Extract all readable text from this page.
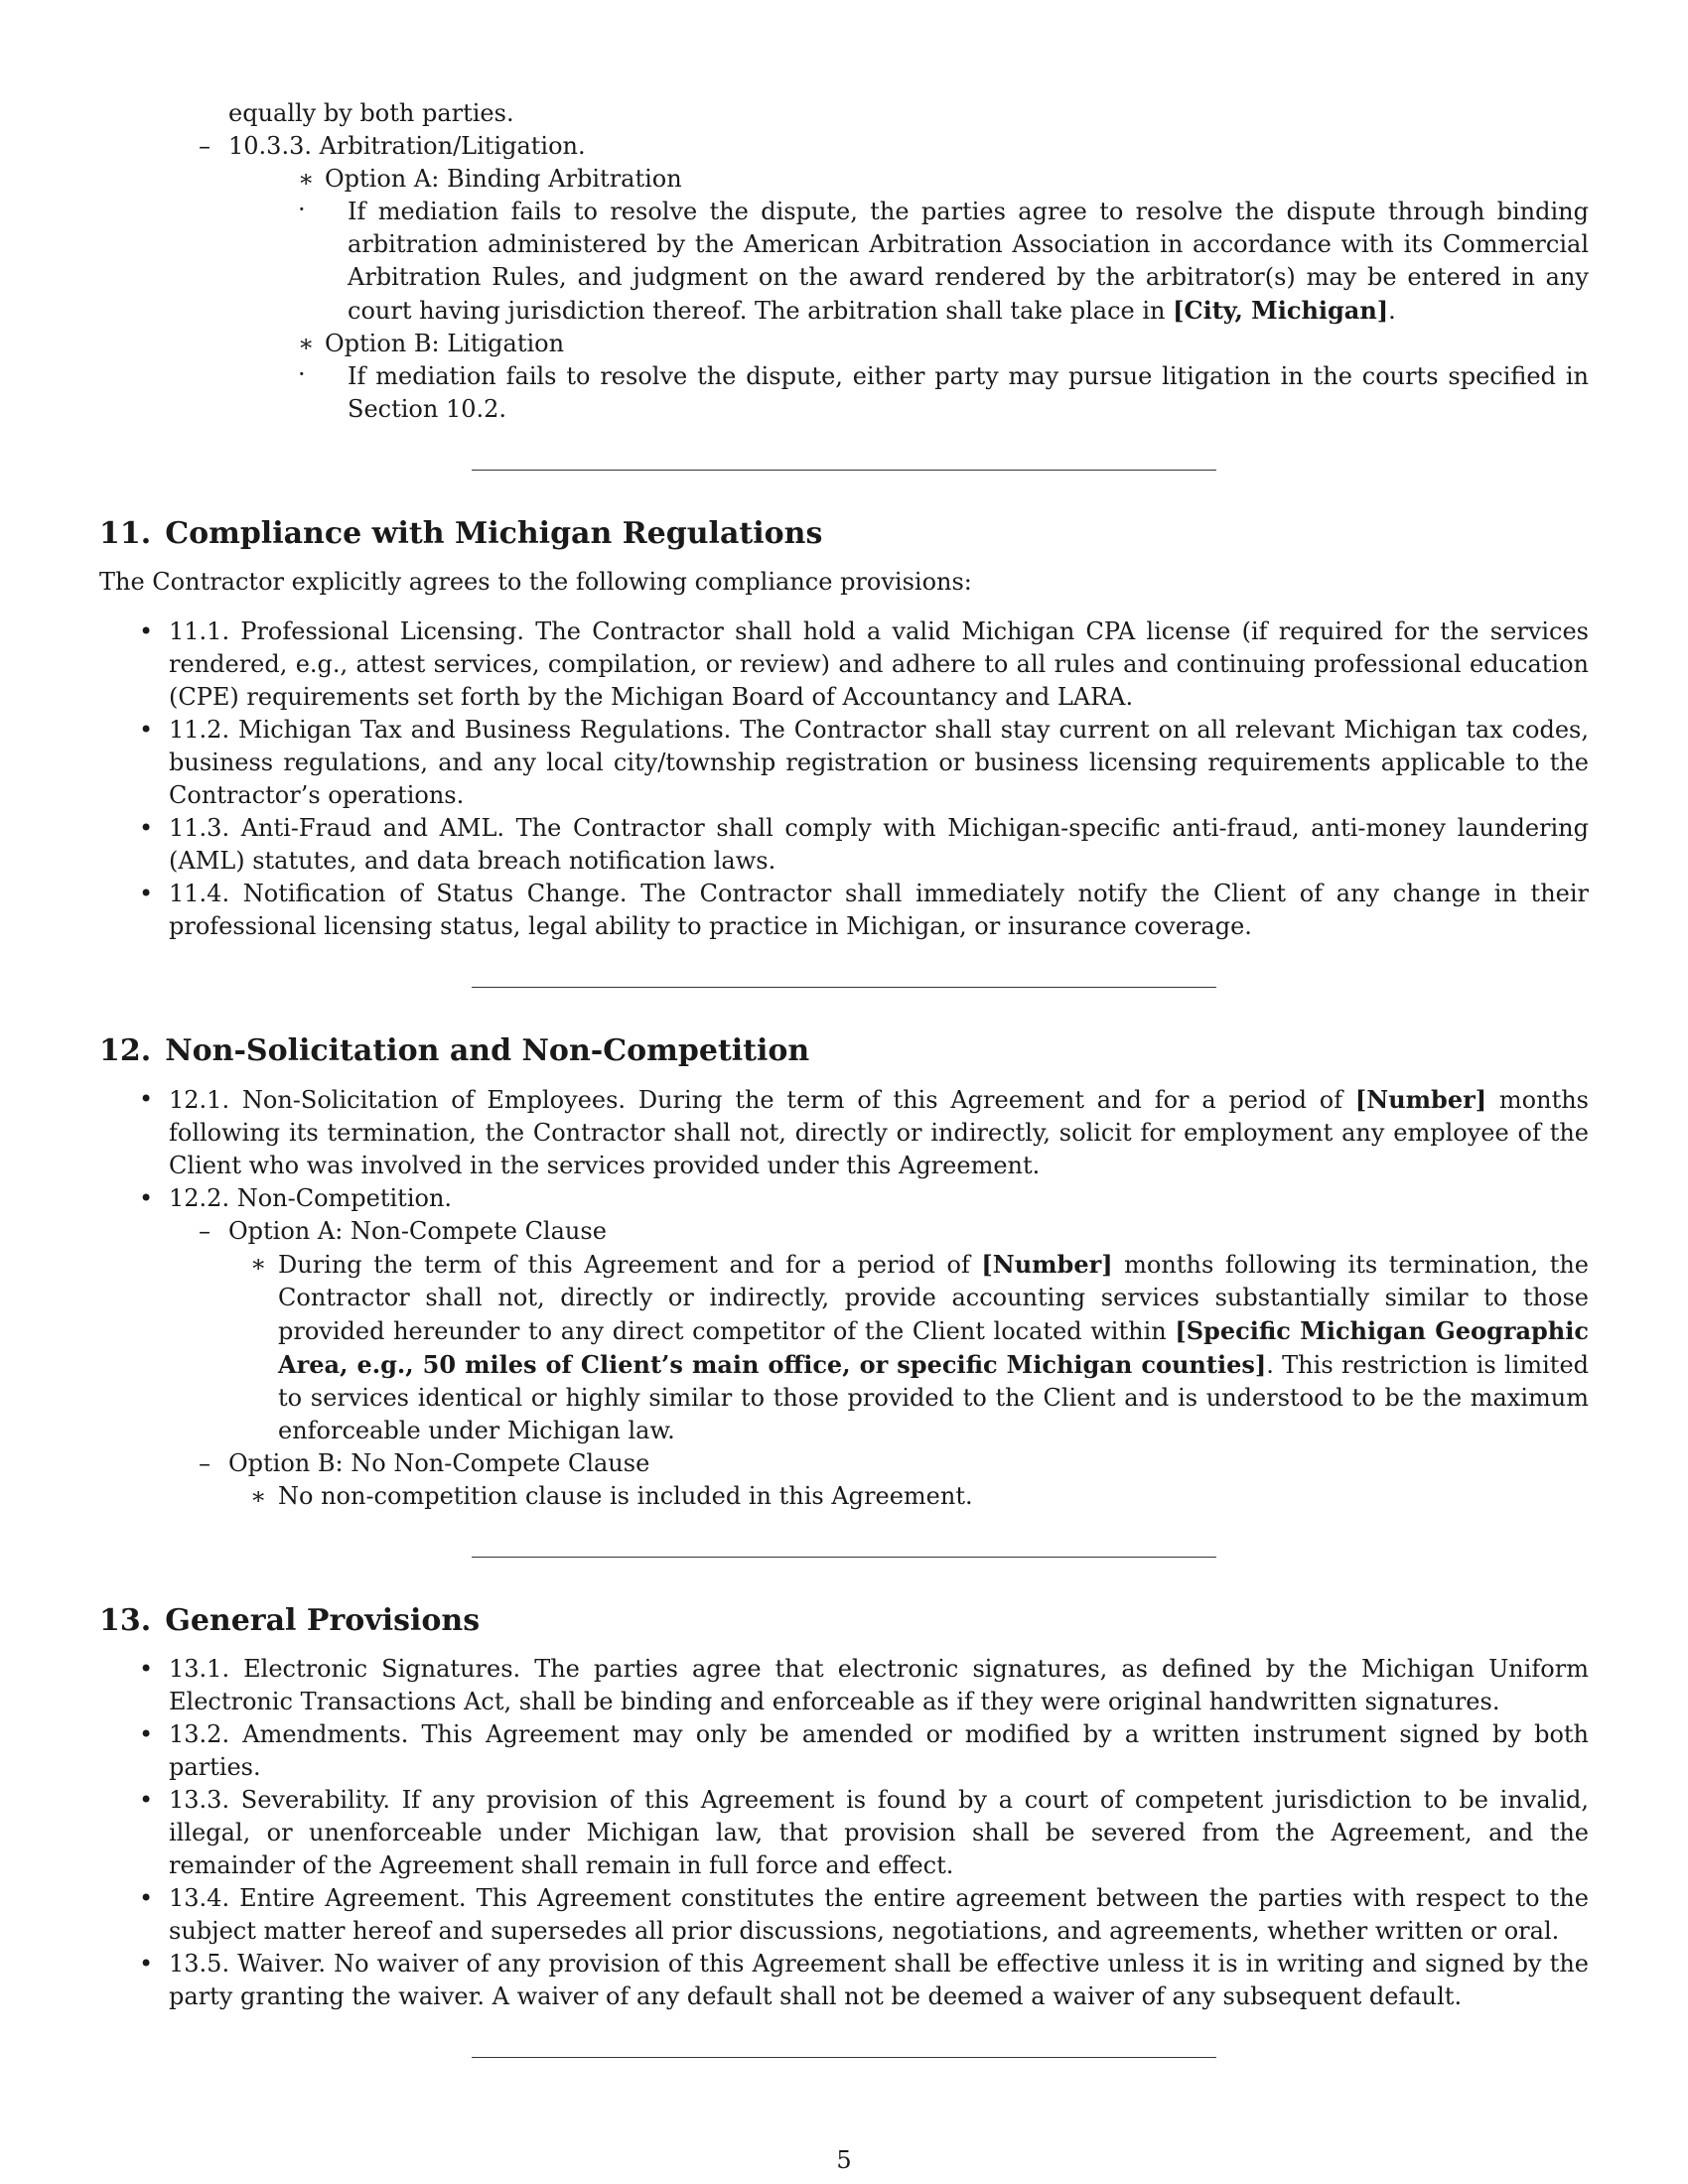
equally by both parties.

– 10.3.3. Arbitration/Litigation.

∗ Option A: Binding Arbitration

· If mediation fails to resolve the dispute, the parties agree to resolve the dispute through binding arbitration administered by the American Arbitration Association in accordance with its Commercial Arbitration Rules, and judgment on the award rendered by the arbitrator(s) may be entered in any court having jurisdiction thereof. The arbitration shall take place in [City, Michigan].

∗ Option B: Litigation

· If mediation fails to resolve the dispute, either party may pursue litigation in the courts specified in Section 10.2.

11. Compliance with Michigan Regulations

The Contractor explicitly agrees to the following compliance provisions:

• 11.1. Professional Licensing. The Contractor shall hold a valid Michigan CPA license (if required for the services rendered, e.g., attest services, compilation, or review) and adhere to all rules and continuing professional education (CPE) requirements set forth by the Michigan Board of Accountancy and LARA.

• 11.2. Michigan Tax and Business Regulations. The Contractor shall stay current on all relevant Michigan tax codes, business regulations, and any local city/township registration or business licensing requirements applicable to the Contractor’s operations.

• 11.3. Anti-Fraud and AML. The Contractor shall comply with Michigan-specific anti-fraud, anti-money laundering (AML) statutes, and data breach notification laws.

• 11.4. Notification of Status Change. The Contractor shall immediately notify the Client of any change in their professional licensing status, legal ability to practice in Michigan, or insurance coverage.

12. Non-Solicitation and Non-Competition
• 12.1. Non-Solicitation of Employees. During the term of this Agreement and for a period of [Number] months following its termination, the Contractor shall not, directly or indirectly, solicit for employment any employee of the Client who was involved in the services provided under this Agreement.

• 12.2. Non-Competition.

– Option A: Non-Compete Clause

∗ During the term of this Agreement and for a period of [Number] months following its termination, the Contractor shall not, directly or indirectly, provide accounting services substantially similar to those provided hereunder to any direct competitor of the Client located within [Specific Michigan Geographic Area, e.g., 50 miles of Client’s main office, or specific Michigan counties]. This restriction is limited to services identical or highly similar to those provided to the Client and is understood to be the maximum enforceable under Michigan law.

– Option B: No Non-Compete Clause

∗ No non-competition clause is included in this Agreement.

13. General Provisions
• 13.1. Electronic Signatures. The parties agree that electronic signatures, as defined by the Michigan Uniform Electronic Transactions Act, shall be binding and enforceable as if they were original handwritten signatures.

• 13.2. Amendments. This Agreement may only be amended or modified by a written instrument signed by both parties.

• 13.3. Severability. If any provision of this Agreement is found by a court of competent jurisdiction to be invalid, illegal, or unenforceable under Michigan law, that provision shall be severed from the Agreement, and the remainder of the Agreement shall remain in full force and effect.

• 13.4. Entire Agreement. This Agreement constitutes the entire agreement between the parties with respect to the subject matter hereof and supersedes all prior discussions, negotiations, and agreements, whether written or oral.

• 13.5. Waiver. No waiver of any provision of this Agreement shall be effective unless it is in writing and signed by the party granting the waiver. A waiver of any default shall not be deemed a waiver of any subsequent default.

5
